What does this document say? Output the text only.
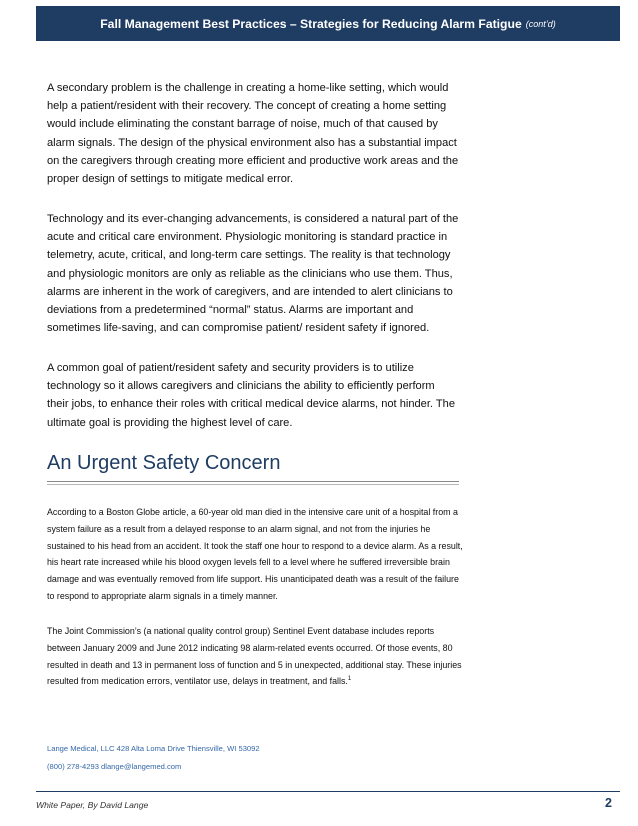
Fall Management Best Practices – Strategies for Reducing Alarm Fatigue (cont’d)

A secondary problem is the challenge in creating a home-like setting, which would help a patient/resident with their recovery. The concept of creating a home setting would include eliminating the constant barrage of noise, much of that caused by alarm signals. The design of the physical environment also has a substantial impact on the caregivers through creating more efficient and productive work areas and the proper design of settings to mitigate medical error.

Technology and its ever-changing advancements, is considered a natural part of the acute and critical care environment. Physiologic monitoring is standard practice in telemetry, acute, critical, and long-term care settings. The reality is that technology and physiologic monitors are only as reliable as the clinicians who use them. Thus, alarms are inherent in the work of caregivers, and are intended to alert clinicians to deviations from a predetermined “normal” status. Alarms are important and sometimes life-saving, and can compromise patient/ resident safety if ignored.

A common goal of patient/resident safety and security providers is to utilize technology so it allows caregivers and clinicians the ability to efficiently perform their jobs, to enhance their roles with critical medical device alarms, not hinder. The ultimate goal is providing the highest level of care.

An Urgent Safety Concern

According to a Boston Globe article, a 60-year old man died in the intensive care unit of a hospital from a system failure as a result from a delayed response to an alarm signal, and not from the injuries he sustained to his head from an accident. It took the staff one hour to respond to a device alarm. As a result, his heart rate increased while his blood oxygen levels fell to a level where he suffered irreversible brain damage and was eventually removed from life support. His unanticipated death was a result of the failure to respond to appropriate alarm signals in a timely manner.

The Joint Commission’s (a national quality control group) Sentinel Event database includes reports between January 2009 and June 2012 indicating 98 alarm-related events occurred. Of those events, 80 resulted in death and 13 in permanent loss of function and 5 in unexpected, additional stay. These injuries resulted from medication errors, ventilator use, delays in treatment, and falls.$^1$

Lange Medical, LLC 428 Alta Loma Drive Thiensville, WI 53092

(800) 278-4293 dlange@langemed.com

White Paper, By David Lange	2
